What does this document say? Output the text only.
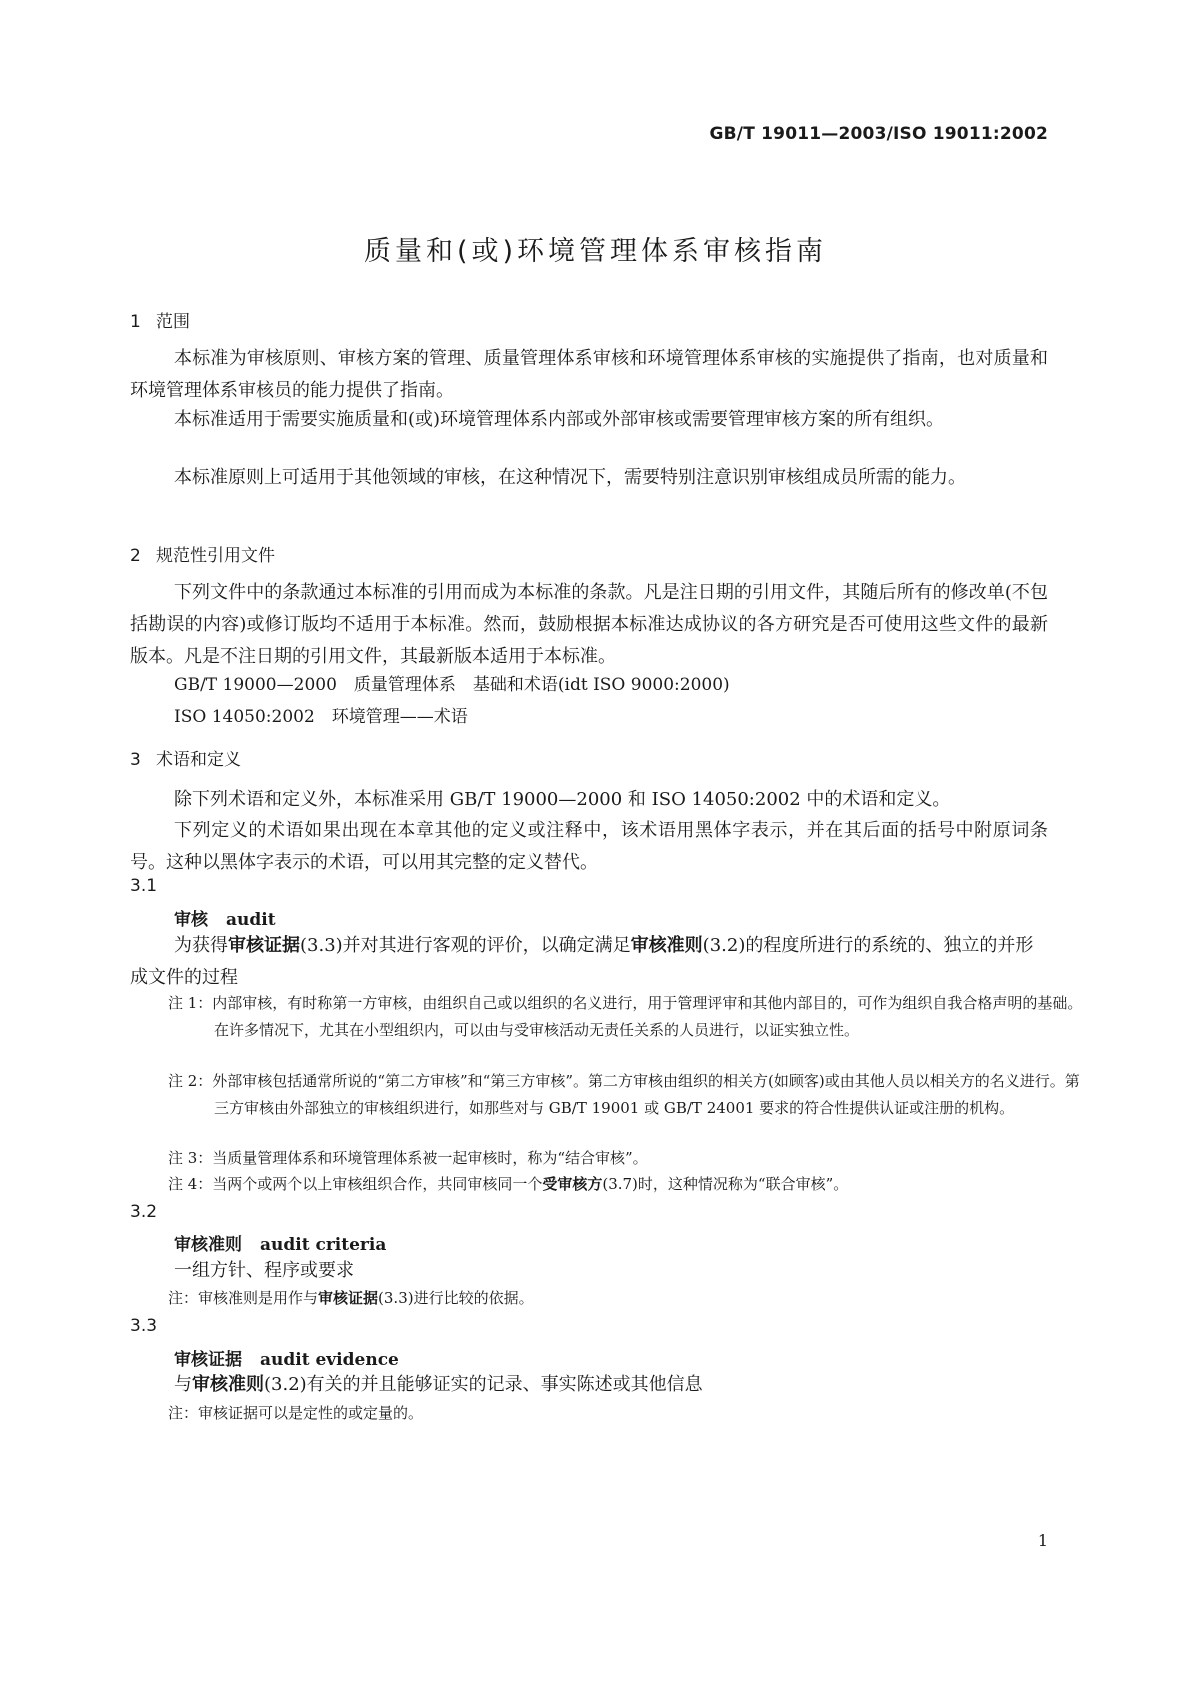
GB/T 19011—2003/ISO 19011:2002
质量和(或)环境管理体系审核指南
1 范围

本标准为审核原则、审核方案的管理、质量管理体系审核和环境管理体系审核的实施提供了指南，也对质量和环境管理体系审核员的能力提供了指南。

本标准适用于需要实施质量和(或)环境管理体系内部或外部审核或需要管理审核方案的所有组织。

本标准原则上可适用于其他领域的审核，在这种情况下，需要特别注意识别审核组成员所需的能力。

2 规范性引用文件

下列文件中的条款通过本标准的引用而成为本标准的条款。凡是注日期的引用文件，其随后所有的修改单(不包括勘误的内容)或修订版均不适用于本标准。然而，鼓励根据本标准达成协议的各方研究是否可使用这些文件的最新版本。凡是不注日期的引用文件，其最新版本适用于本标准。

GB/T 19000—2000　质量管理体系　基础和术语(idt ISO 9000:2000)
ISO 14050:2002　环境管理——术语
3 术语和定义

除下列术语和定义外，本标准采用 GB/T 19000—2000 和 ISO 14050:2002 中的术语和定义。

下列定义的术语如果出现在本章其他的定义或注释中，该术语用黑体字表示，并在其后面的括号中附原词条号。这种以黑体字表示的术语，可以用其完整的定义替代。

3.1
审核 audit

为获得审核证据(3.3)并对其进行客观的评价，以确定满足审核准则(3.2)的程度所进行的系统的、独立的并形成文件的过程

注 1：内部审核，有时称第一方审核，由组织自己或以组织的名义进行，用于管理评审和其他内部目的，可作为组织自我合格声明的基础。在许多情况下，尤其在小型组织内，可以由与受审核活动无责任关系的人员进行，以证实独立性。

注 2：外部审核包括通常所说的“第二方审核”和“第三方审核”。第二方审核由组织的相关方(如顾客)或由其他人员以相关方的名义进行。第三方审核由外部独立的审核组织进行，如那些对与 GB/T 19001 或 GB/T 24001 要求的符合性提供认证或注册的机构。

注 3：当质量管理体系和环境管理体系被一起审核时，称为“结合审核”。

注 4：当两个或两个以上审核组织合作，共同审核同一个受审核方(3.7)时，这种情况称为“联合审核”。

3.2
审核准则 audit criteria

一组方针、程序或要求

注：审核准则是用作与审核证据(3.3)进行比较的依据。

3.3
审核证据 audit evidence

与审核准则(3.2)有关的并且能够证实的记录、事实陈述或其他信息

注：审核证据可以是定性的或定量的。

1
